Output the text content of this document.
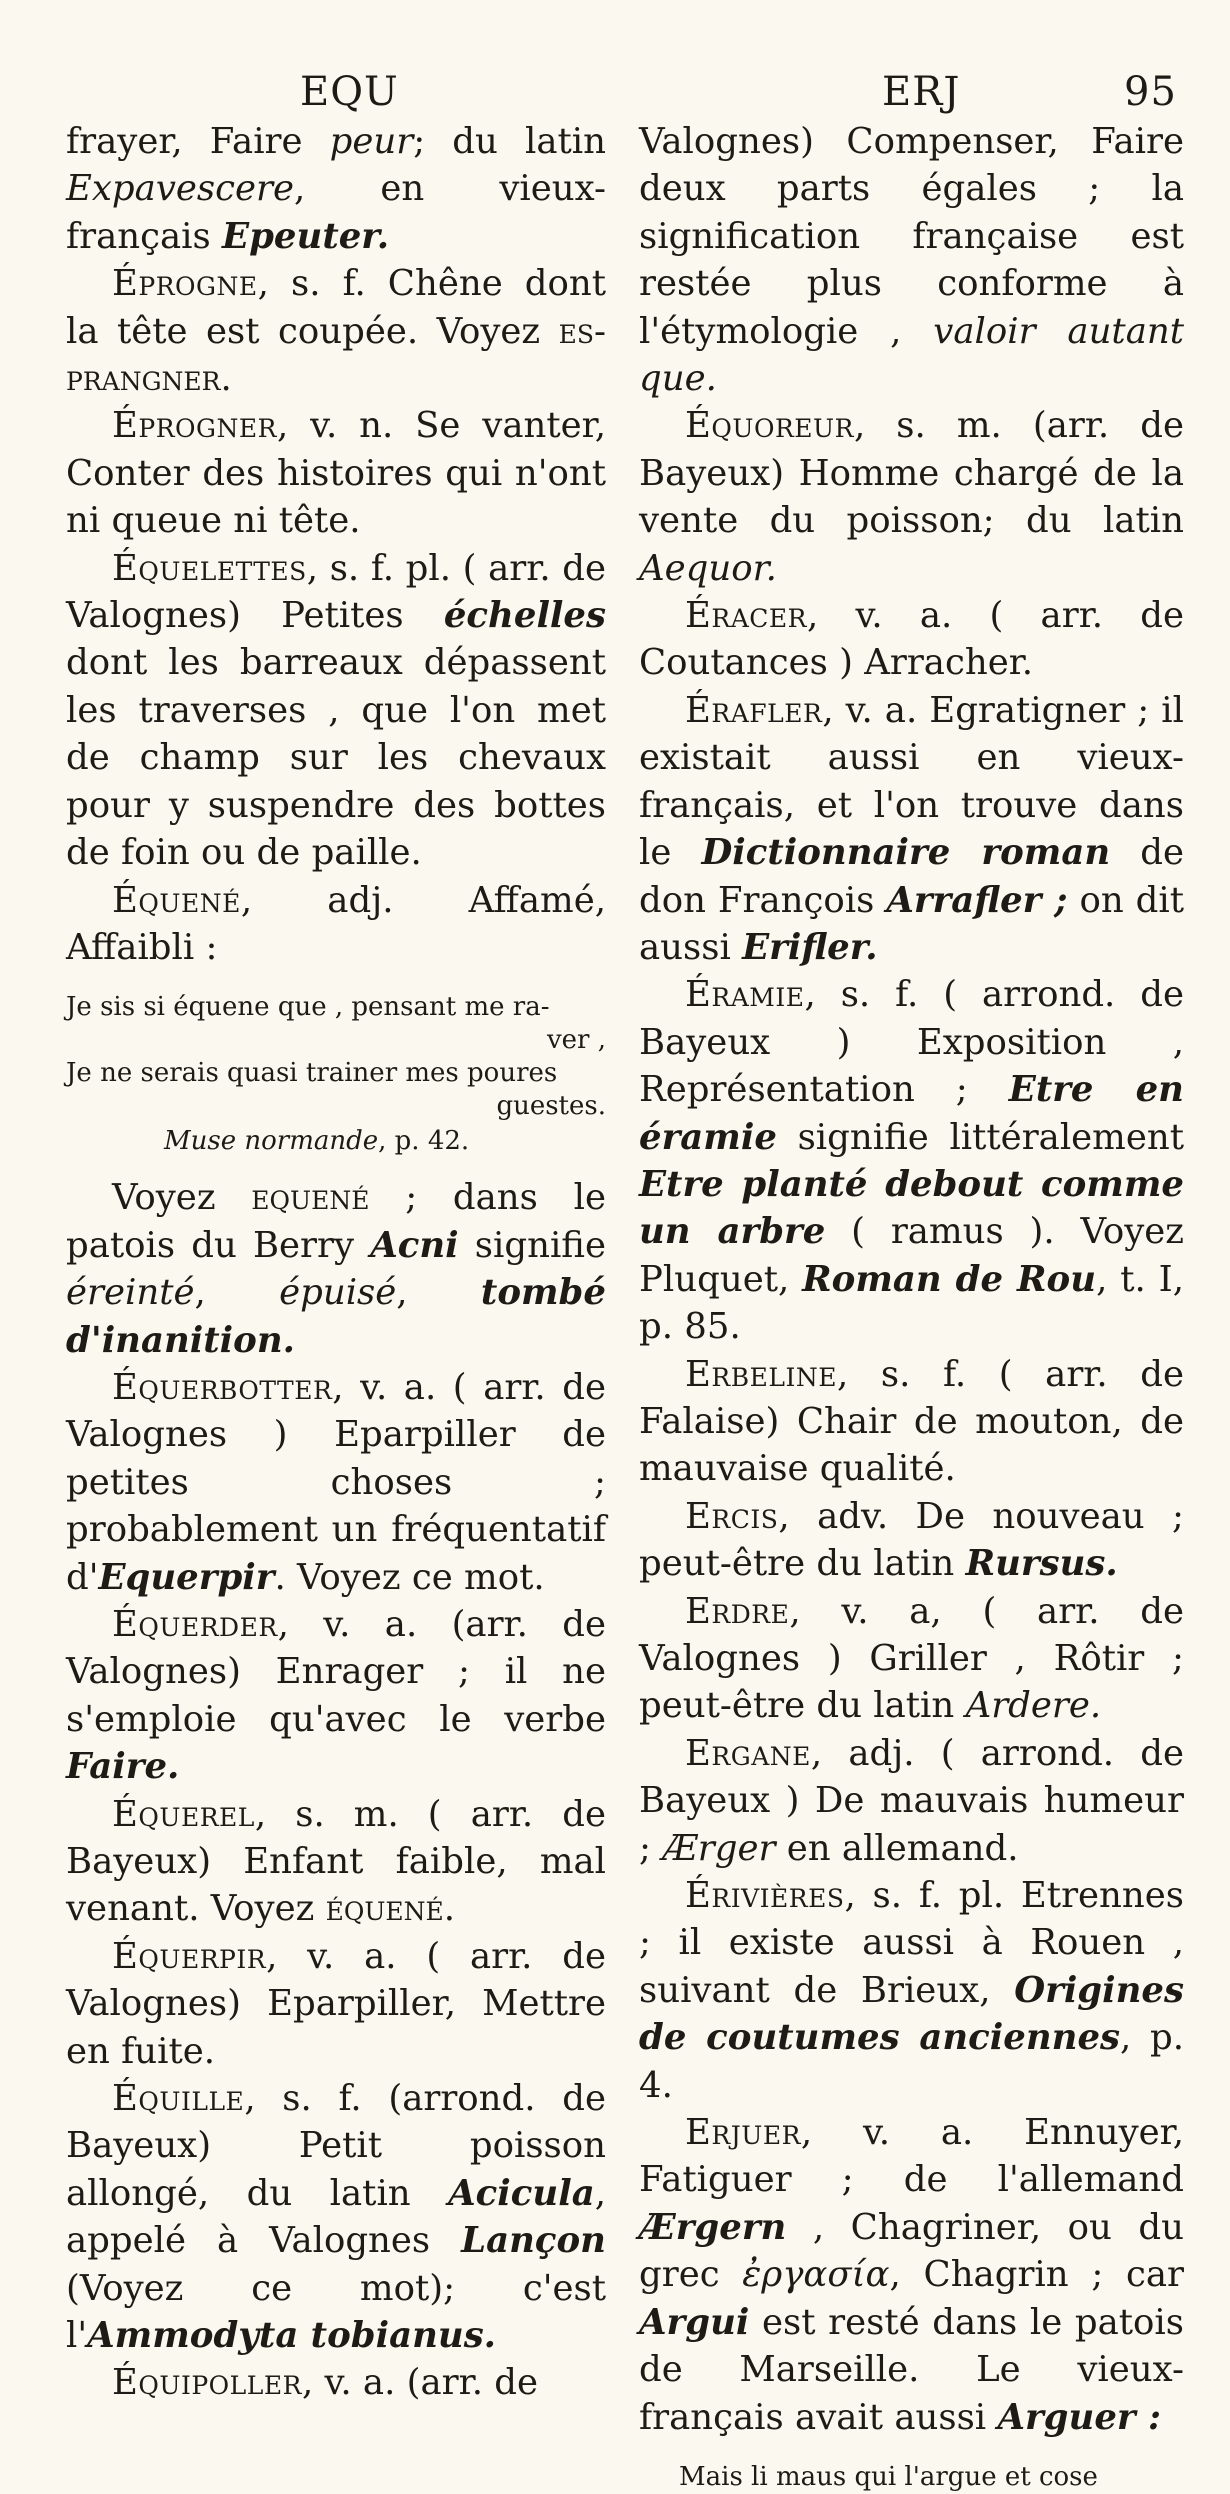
EQU	ERJ	95

frayer, Faire peur; du latin Expavescere, en vieux-français Epeuter.

Éprogne, s. f. Chêne dont la tête est coupée. Voyez es-prangner.

Éprogner, v. n. Se vanter, Conter des histoires qui n'ont ni queue ni tête.

Équelettes, s. f. pl. ( arr. de Valognes) Petites échelles dont les barreaux dépassent les traverses , que l'on met de champ sur les chevaux pour y suspendre des bottes de foin ou de paille.

Équené, adj. Affamé, Affaibli :

Je sis si équene que , pensant me ra-
ver ,
Je ne serais quasi trainer mes poures
guestes.
Muse normande, p. 42.

Voyez equené ; dans le patois du Berry Acni signifie éreinté, épuisé, tombé d'inanition.

Équerbotter, v. a. ( arr. de Valognes ) Eparpiller de petites choses ; probablement un fréquentatif d'Equerpir. Voyez ce mot.

Équerder, v. a. (arr. de Valognes) Enrager ; il ne s'emploie qu'avec le verbe Faire.

Équerel, s. m. ( arr. de Bayeux) Enfant faible, mal venant. Voyez équené.

Équerpir, v. a. ( arr. de Valognes) Eparpiller, Mettre en fuite.

Équille, s. f. (arrond. de Bayeux) Petit poisson allongé, du latin Acicula, appelé à Valognes Lançon (Voyez ce mot); c'est l'Ammodyta tobianus.

Équipoller, v. a. (arr. de

Valognes) Compenser, Faire deux parts égales ; la signification française est restée plus conforme à l'étymologie , valoir autant que.

Équoreur, s. m. (arr. de Bayeux) Homme chargé de la vente du poisson; du latin Aequor.

Éracer, v. a. ( arr. de Coutances ) Arracher.

Érafler, v. a. Egratigner ; il existait aussi en vieux-français, et l'on trouve dans le Dictionnaire roman de don François Arrafler ; on dit aussi Erifler.

Éramie, s. f. ( arrond. de Bayeux ) Exposition , Représentation ; Etre en éramie signifie littéralement Etre planté debout comme un arbre ( ramus ). Voyez Pluquet, Roman de Rou, t. I, p. 85.

Erbeline, s. f. ( arr. de Falaise) Chair de mouton, de mauvaise qualité.

Ercis, adv. De nouveau ; peut-être du latin Rursus.

Erdre, v. a, ( arr. de Valognes ) Griller , Rôtir ; peut-être du latin Ardere.

Ergane, adj. ( arrond. de Bayeux ) De mauvais humeur ; Ærger en allemand.

Érivières, s. f. pl. Etrennes ; il existe aussi à Rouen , suivant de Brieux, Origines de coutumes anciennes, p. 4.

Erjuer, v. a. Ennuyer, Fatiguer ; de l'allemand Ærgern , Chagriner, ou du grec ἐργασία, Chagrin ; car Argui est resté dans le patois de Marseille. Le vieux-français avait aussi Arguer :

Mais li maus qui l'argue et cose
